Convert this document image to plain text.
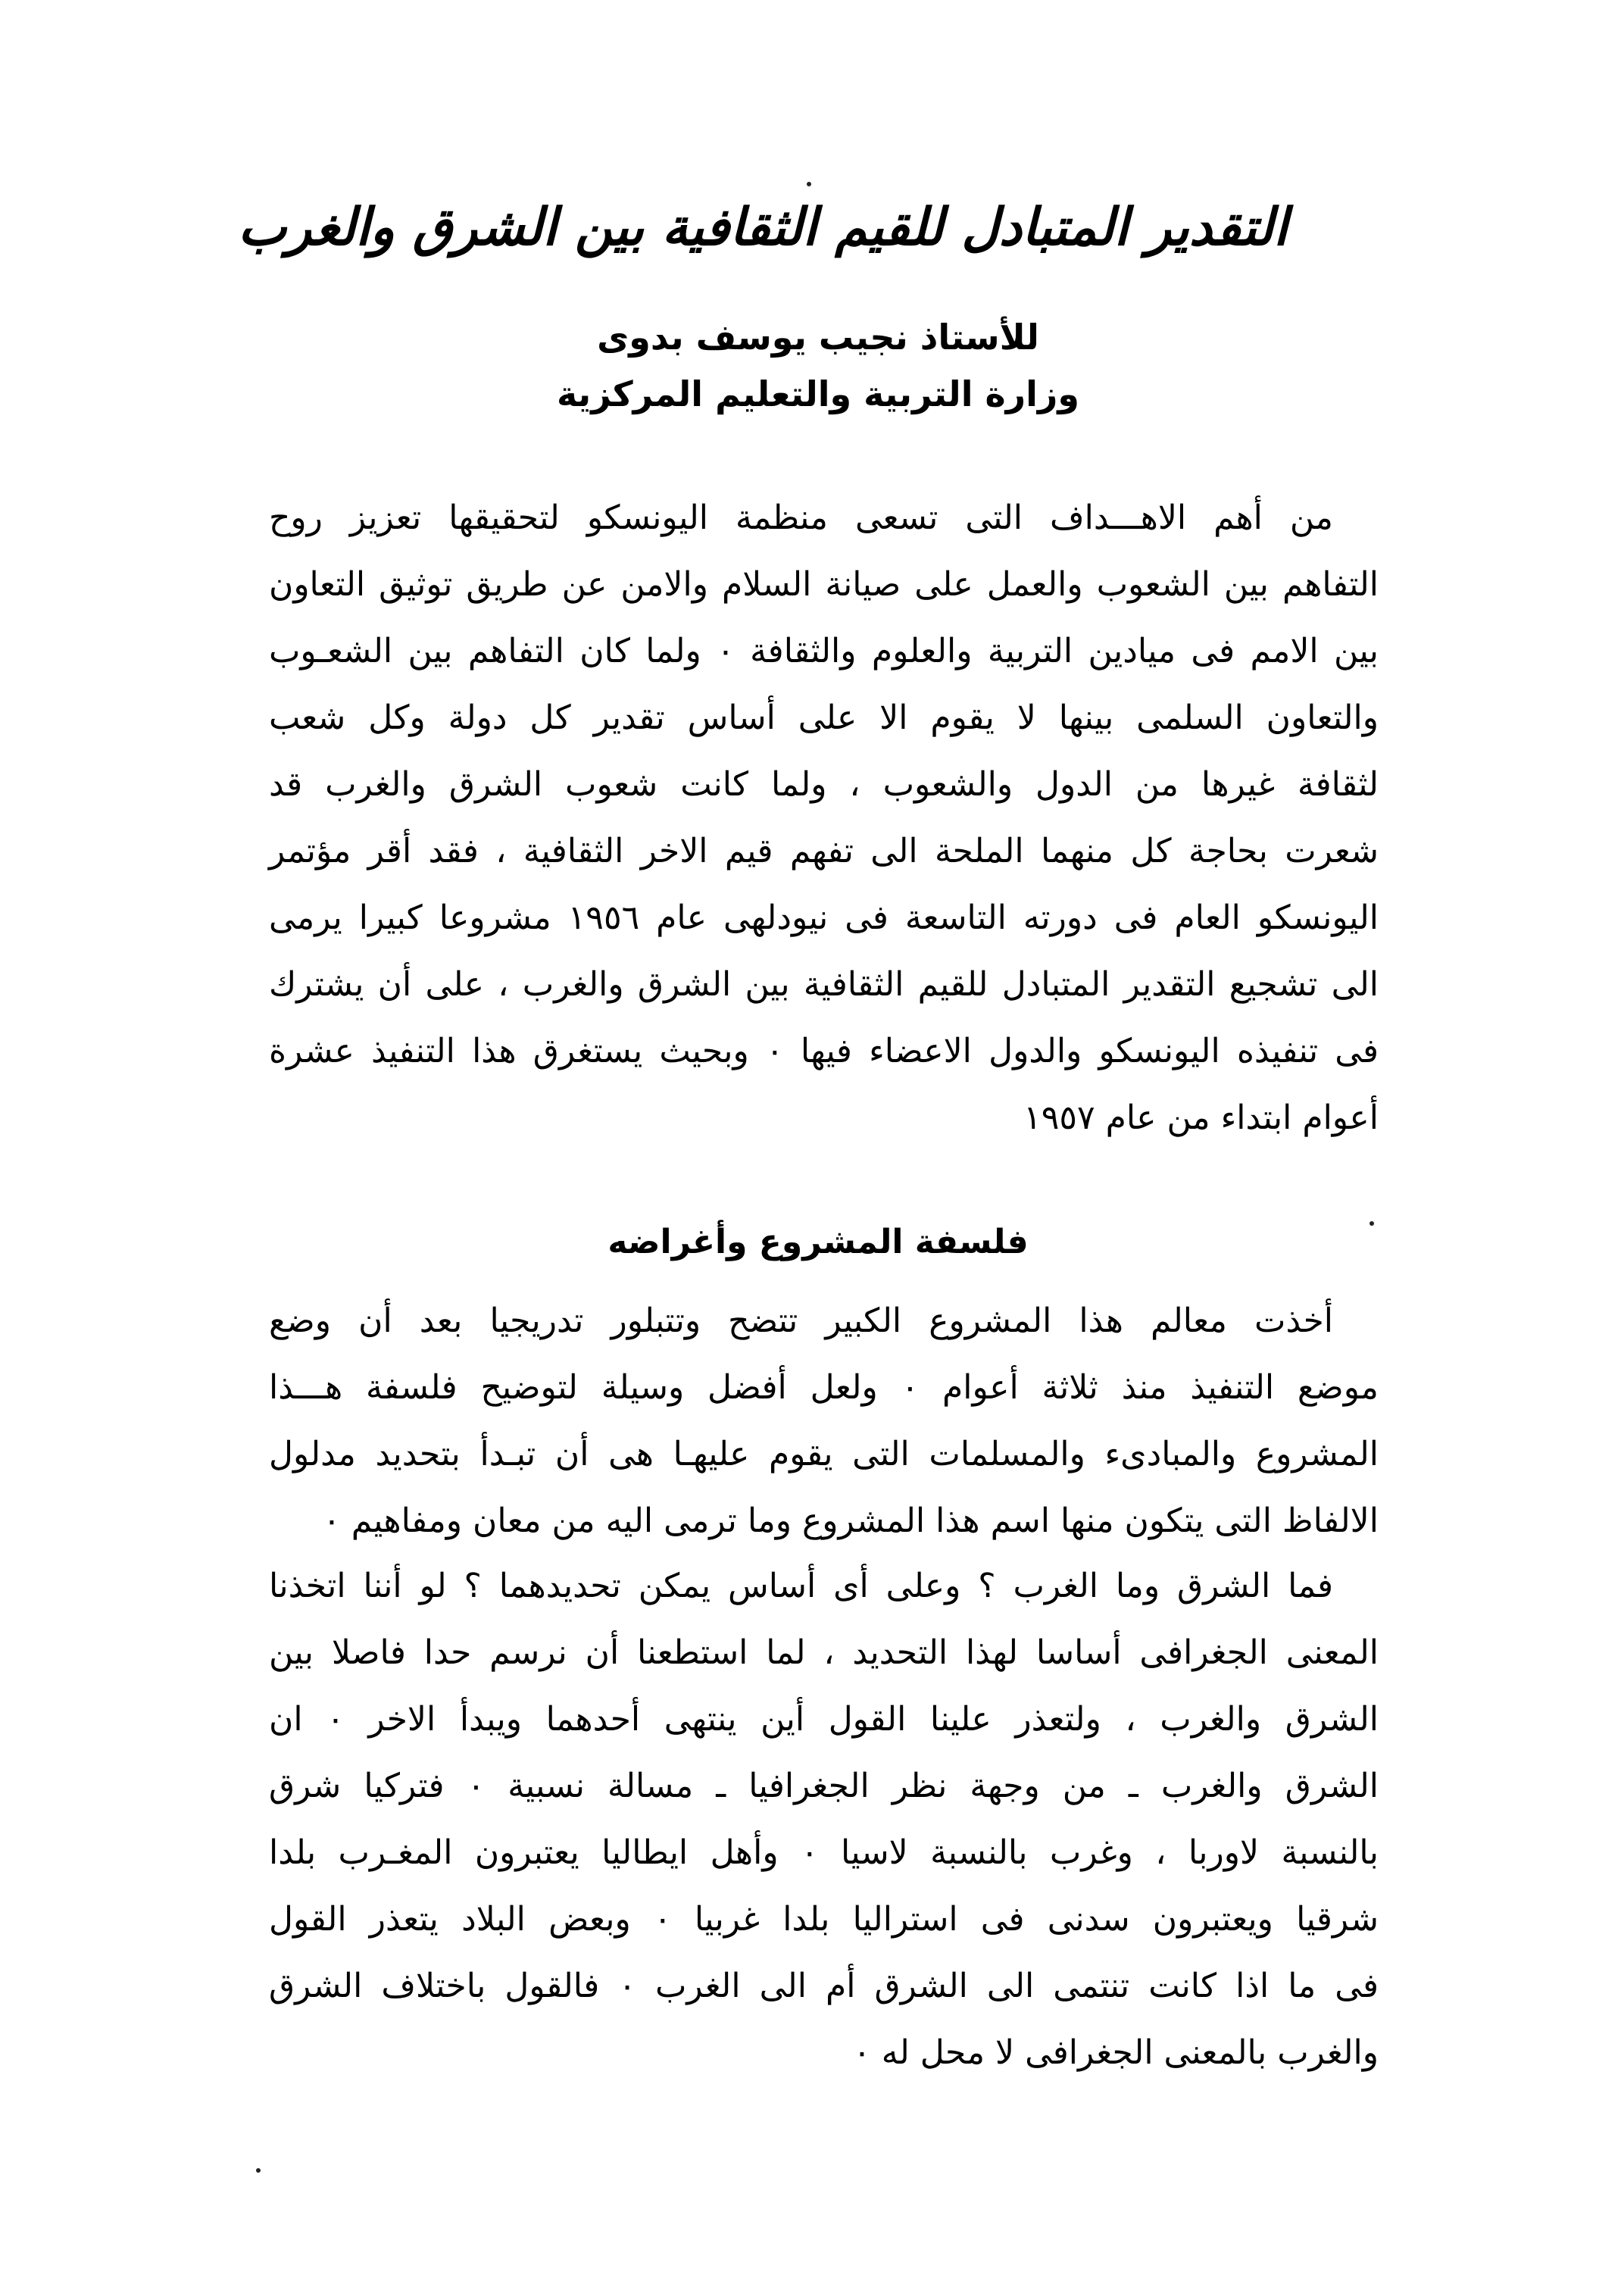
التقدير المتبادل للقيم الثقافية بين الشرق والغرب
للأستاذ نجيب يوسف بدوى
وزارة التربية والتعليم المركزية
من أهم الاهـــداف التى تسعى منظمة اليونسكو لتحقيقها تعزيز روح
التفاهم بين الشعوب والعمل على صيانة السلام والامن عن طريق توثيق التعاون
بين الامم فى ميادين التربية والعلوم والثقافة ٠ ولما كان التفاهم بين الشعـوب
والتعاون السلمى بينها لا يقوم الا على أساس تقدير كل دولة وكل شعب
لثقافة غيرها من الدول والشعوب ، ولما كانت شعوب الشرق والغرب قد
شعرت بحاجة كل منهما الملحة الى تفهم قيم الاخر الثقافية ، فقد أقر مؤتمر
اليونسكو العام فى دورته التاسعة فى نيودلهى عام ١٩٥٦ مشروعا كبيرا يرمى
الى تشجيع التقدير المتبادل للقيم الثقافية بين الشرق والغرب ، على أن يشترك
فى تنفيذه اليونسكو والدول الاعضاء فيها ٠ وبحيث يستغرق هذا التنفيذ عشرة
أعوام ابتداء من عام ١٩٥٧
فلسفة المشروع وأغراضه
أخذت معالم هذا المشروع الكبير تتضح وتتبلور تدريجيا بعد أن وضع
موضع التنفيذ منذ ثلاثة أعوام ٠ ولعل أفضل وسيلة لتوضيح فلسفة هـــذا
المشروع والمبادىء والمسلمات التى يقوم عليهـا هى أن تبـدأ بتحديد مدلول
الالفاظ التى يتكون منها اسم هذا المشروع وما ترمى اليه من معان ومفاهيم ٠
فما الشرق وما الغرب ؟ وعلى أى أساس يمكن تحديدهما ؟ لو أننا اتخذنا
المعنى الجغرافى أساسا لهذا التحديد ، لما استطعنا أن نرسم حدا فاصلا بين
الشرق والغرب ، ولتعذر علينا القول أين ينتهى أحدهما ويبدأ الاخر ٠ ان
الشرق والغرب ـ من وجهة نظر الجغرافيا ـ مسالة نسبية ٠ فتركيا شرق
بالنسبة لاوربا ، وغرب بالنسبة لاسيا ٠ وأهل ايطاليا يعتبرون المغـرب بلدا
شرقيا ويعتبرون سدنى فى استراليا بلدا غربيا ٠ وبعض البلاد يتعذر القول
فى ما اذا كانت تنتمى الى الشرق أم الى الغرب ٠ فالقول باختلاف الشرق
والغرب بالمعنى الجغرافى لا محل له ٠
